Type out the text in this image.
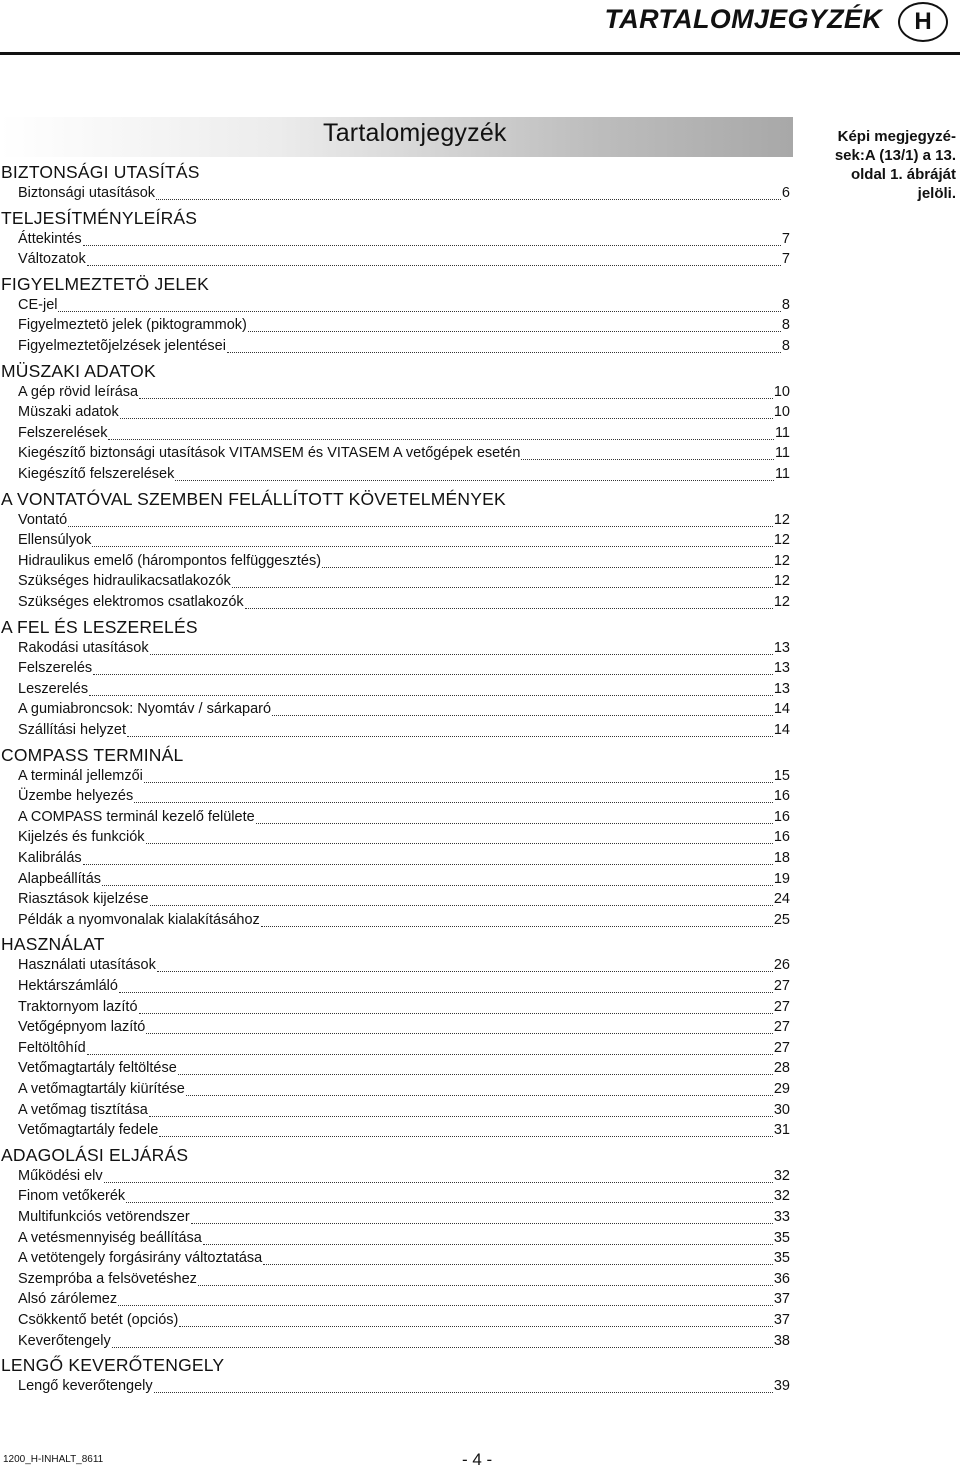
TARTALOMJEGYZÉK	H
Tartalomjegyzék	Képi megjegyzé-sek:A (13/1) a 13. oldal 1. ábráját jelöli.
BIZTONSÁGI UTASÍTÁS
Biztonsági utasítások	6
TELJESÍTMÉNYLEÍRÁS
Áttekintés	7
Változatok	7
FIGYELMEZTETÖ JELEK
CE-jel	8
Figyelmeztetö jelek (piktogrammok)	8
Figyelmeztetõjelzések jelentései	8
MÜSZAKI ADATOK
A gép rövid leírása	10
Müszaki adatok	10
Felszerelések	11
Kiegészítő biztonsági utasítások VITAMSEM és VITASEM A vetőgépek esetén	11
Kiegészítő felszerelések	11
A VONTATÓVAL SZEMBEN FELÁLLÍTOTT KÖVETELMÉNYEK
Vontató	12
Ellensúlyok	12
Hidraulikus emelő (hárompontos felfüggesztés)	12
Szükséges hidraulikacsatlakozók	12
Szükséges elektromos csatlakozók	12
A FEL ÉS LESZERELÉS
Rakodási utasítások	13
Felszerelés	13
Leszerelés	13
A gumiabroncsok: Nyomtáv / sárkaparó	14
Szállítási helyzet	14
COMPASS TERMINÁL
A terminál jellemzői	15
Üzembe helyezés	16
A COMPASS terminál kezelő felülete	16
Kijelzés és funkciók	16
Kalibrálás	18
Alapbeállítás	19
Riasztások kijelzése	24
Példák a nyomvonalak kialakításához	25
HASZNÁLAT
Használati utasítások	26
Hektárszámláló	27
Traktornyom lazító	27
Vetőgépnyom lazító	27
Feltöltôhíd	27
Vetőmagtartály feltöltése	28
A vetőmagtartály kiürítése	29
A vetőmag tisztítása	30
Vetőmagtartály fedele	31
ADAGOLÁSI ELJÁRÁS
Működési elv	32
Finom vetőkerék	32
Multifunkciós vetörendszer	33
A vetésmennyiség beállítása	35
A vetötengely forgásirány változtatása	35
Szempróba a felsövetéshez	36
Alsó zárólemez	37
Csökkentő betét (opciós)	37
Keverőtengely	38
LENGŐ KEVERŐTENGELY
Lengő keverőtengely	39
1200_H-INHALT_8611	- 4 -
